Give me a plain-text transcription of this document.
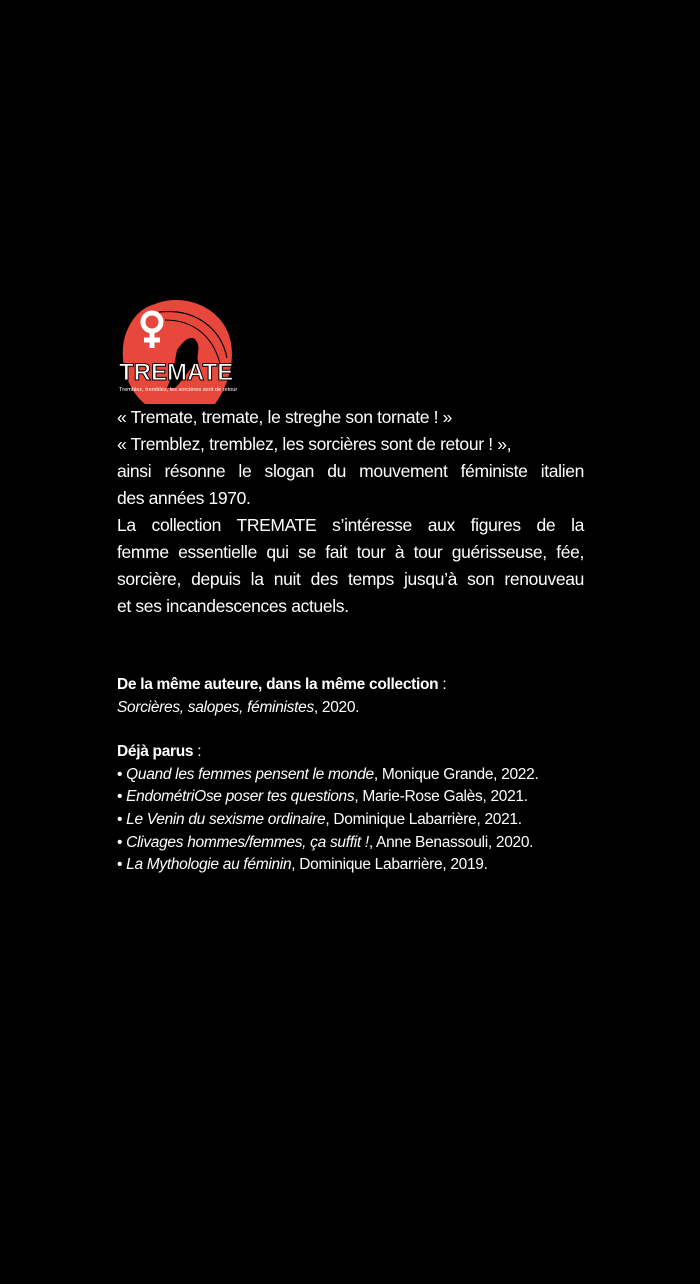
TREMATE
Tremblez, tremblez, les sorcières sont de retour
« Tremate, tremate, le streghe son tornate ! »
« Tremblez, tremblez, les sorcières sont de retour ! »,
ainsi résonne le slogan du mouvement féministe italien
des années 1970.
La collection TREMATE s’intéresse aux figures de la
femme essentielle qui se fait tour à tour guérisseuse, fée,
sorcière, depuis la nuit des temps jusqu’à son renouveau
et ses incandescences actuels.
De la même auteure, dans la même collection :
Sorcières, salopes, féministes, 2020.
Déjà parus :
• Quand les femmes pensent le monde, Monique Grande, 2022.
• EndométriOse poser tes questions, Marie-Rose Galès, 2021.
• Le Venin du sexisme ordinaire, Dominique Labarrière, 2021.
• Clivages hommes/femmes, ça suffit !, Anne Benassouli, 2020.
• La Mythologie au féminin, Dominique Labarrière, 2019.
